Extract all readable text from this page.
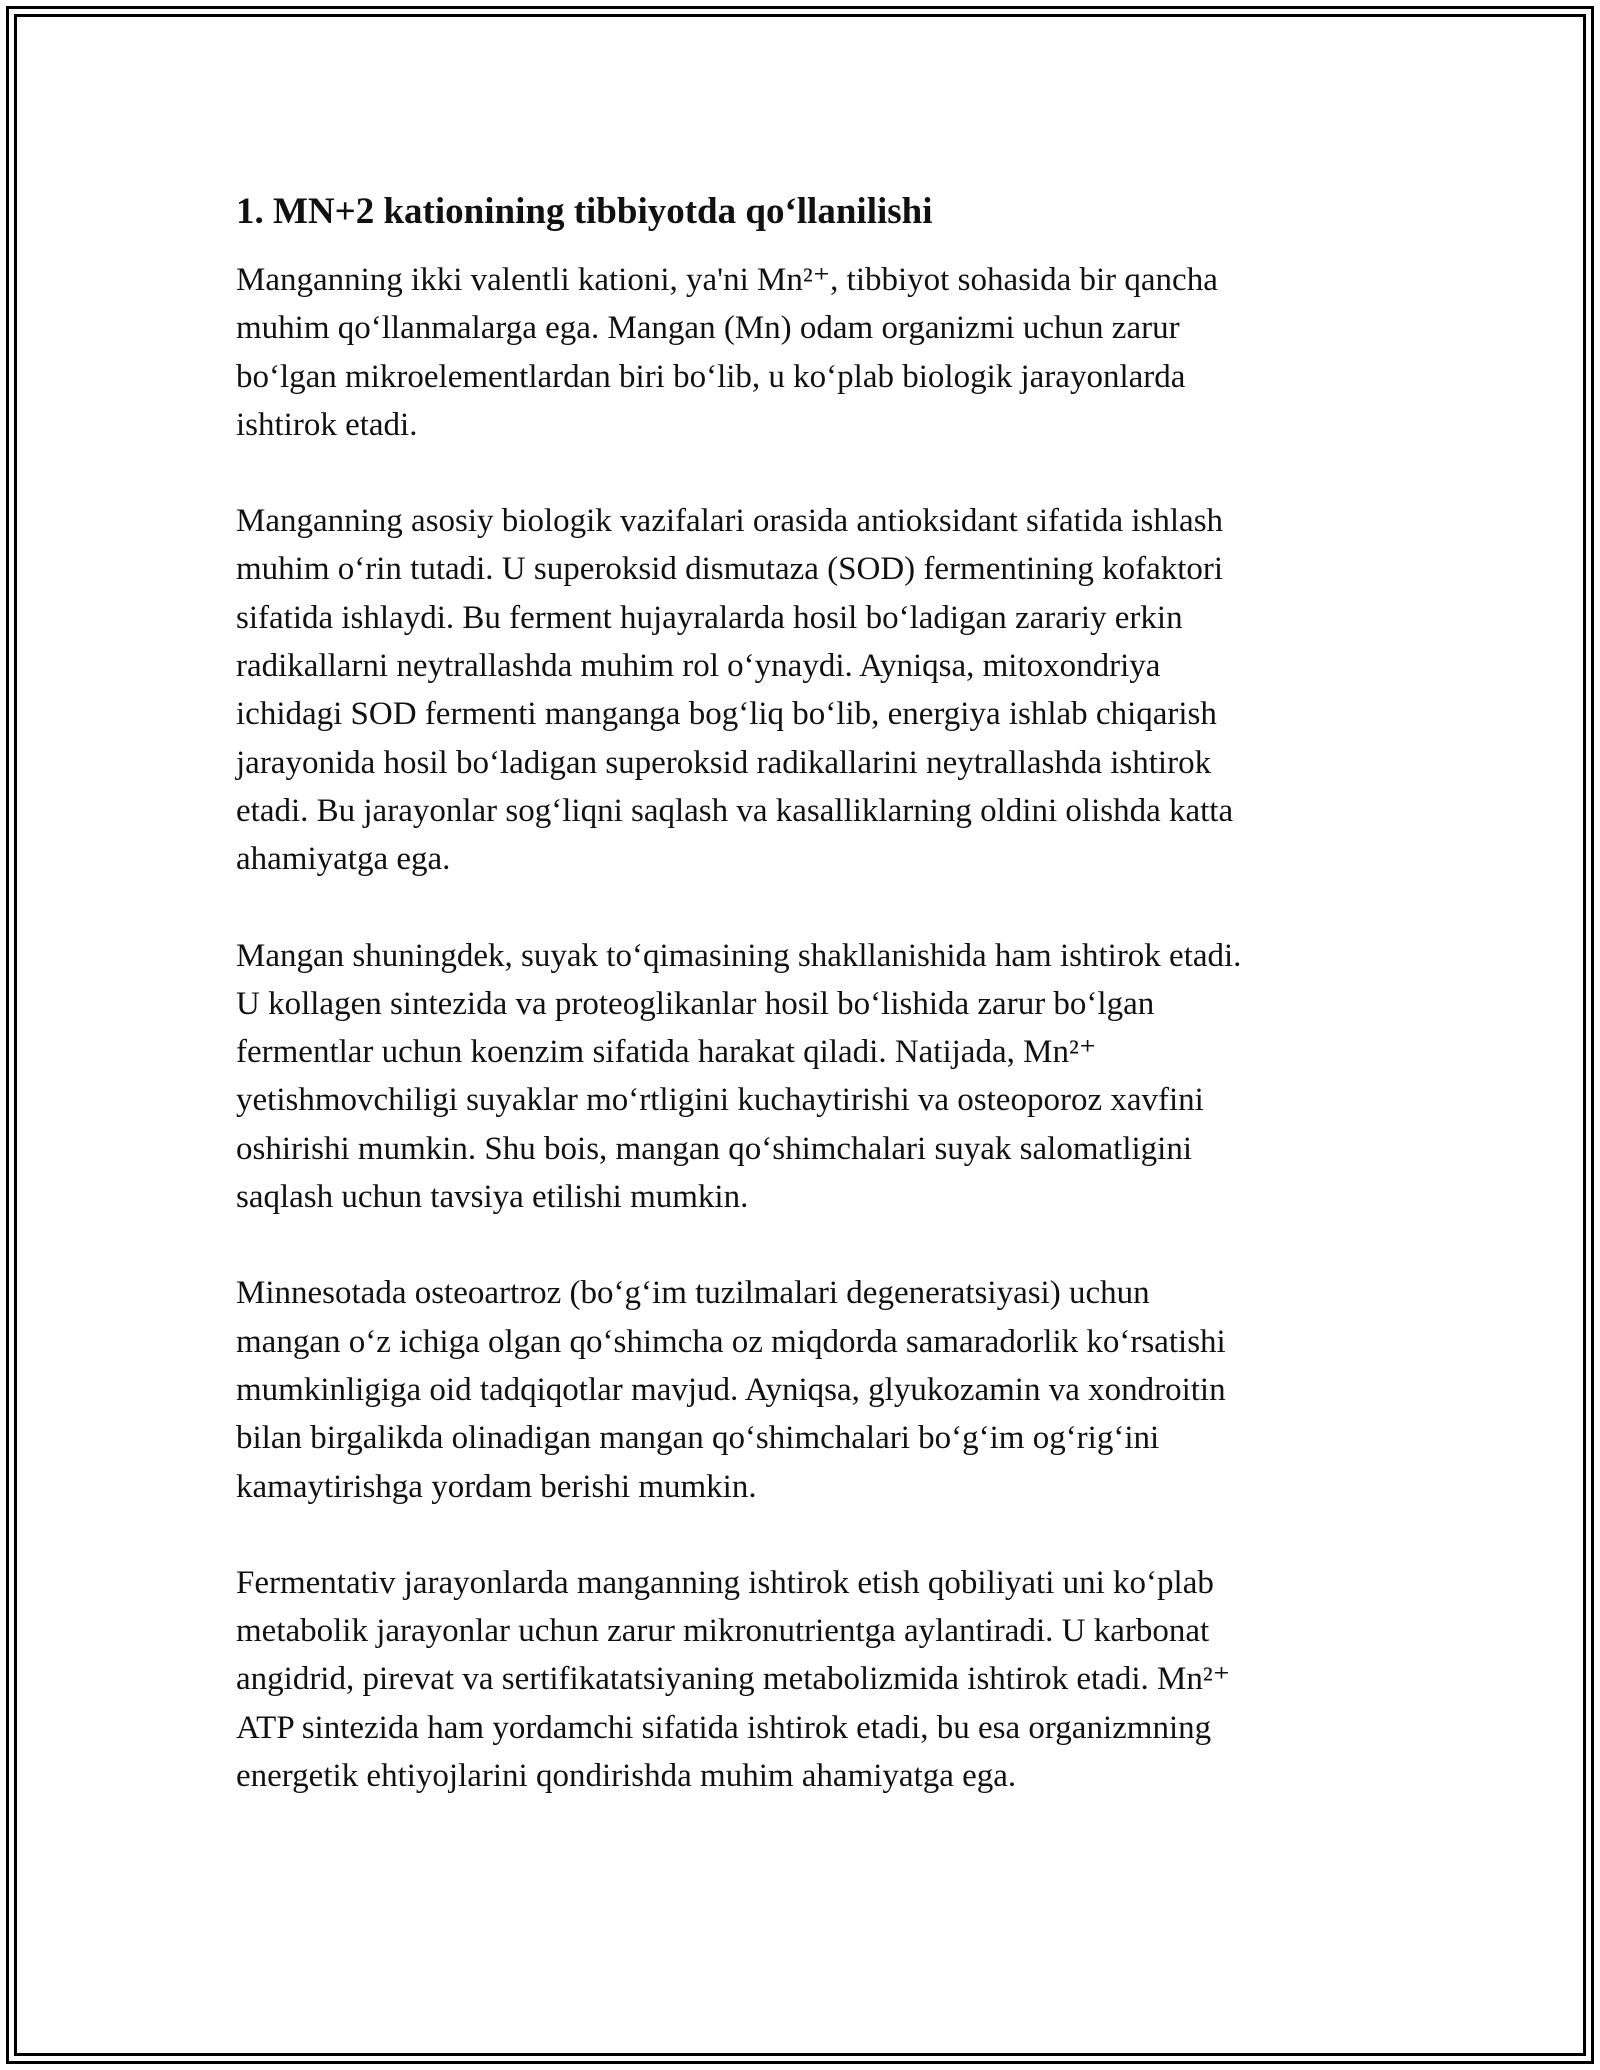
1. MN+2 kationining tibbiyotda qo‘llanilishi

Manganning ikki valentli kationi, ya'ni Mn²⁺, tibbiyot sohasida bir qancha
muhim qo‘llanmalarga ega. Mangan (Mn) odam organizmi uchun zarur
bo‘lgan mikroelementlardan biri bo‘lib, u ko‘plab biologik jarayonlarda
ishtirok etadi.

Manganning asosiy biologik vazifalari orasida antioksidant sifatida ishlash
muhim o‘rin tutadi. U superoksid dismutaza (SOD) fermentining kofaktori
sifatida ishlaydi. Bu ferment hujayralarda hosil bo‘ladigan zarariy erkin
radikallarni neytrallashda muhim rol o‘ynaydi. Ayniqsa, mitoxondriya
ichidagi SOD fermenti manganga bog‘liq bo‘lib, energiya ishlab chiqarish
jarayonida hosil bo‘ladigan superoksid radikallarini neytrallashda ishtirok
etadi. Bu jarayonlar sog‘liqni saqlash va kasalliklarning oldini olishda katta
ahamiyatga ega.

Mangan shuningdek, suyak to‘qimasining shakllanishida ham ishtirok etadi.
U kollagen sintezida va proteoglikanlar hosil bo‘lishida zarur bo‘lgan
fermentlar uchun koenzim sifatida harakat qiladi. Natijada, Mn²⁺
yetishmovchiligi suyaklar mo‘rtligini kuchaytirishi va osteoporoz xavfini
oshirishi mumkin. Shu bois, mangan qo‘shimchalari suyak salomatligini
saqlash uchun tavsiya etilishi mumkin.

Minnesotada osteoartroz (bo‘g‘im tuzilmalari degeneratsiyasi) uchun
mangan o‘z ichiga olgan qo‘shimcha oz miqdorda samaradorlik ko‘rsatishi
mumkinligiga oid tadqiqotlar mavjud. Ayniqsa, glyukozamin va xondroitin
bilan birgalikda olinadigan mangan qo‘shimchalari bo‘g‘im og‘rig‘ini
kamaytirishga yordam berishi mumkin.

Fermentativ jarayonlarda manganning ishtirok etish qobiliyati uni ko‘plab
metabolik jarayonlar uchun zarur mikronutrientga aylantiradi. U karbonat
angidrid, pirevat va sertifikatatsiyaning metabolizmida ishtirok etadi. Mn²⁺
ATP sintezida ham yordamchi sifatida ishtirok etadi, bu esa organizmning
energetik ehtiyojlarini qondirishda muhim ahamiyatga ega.
